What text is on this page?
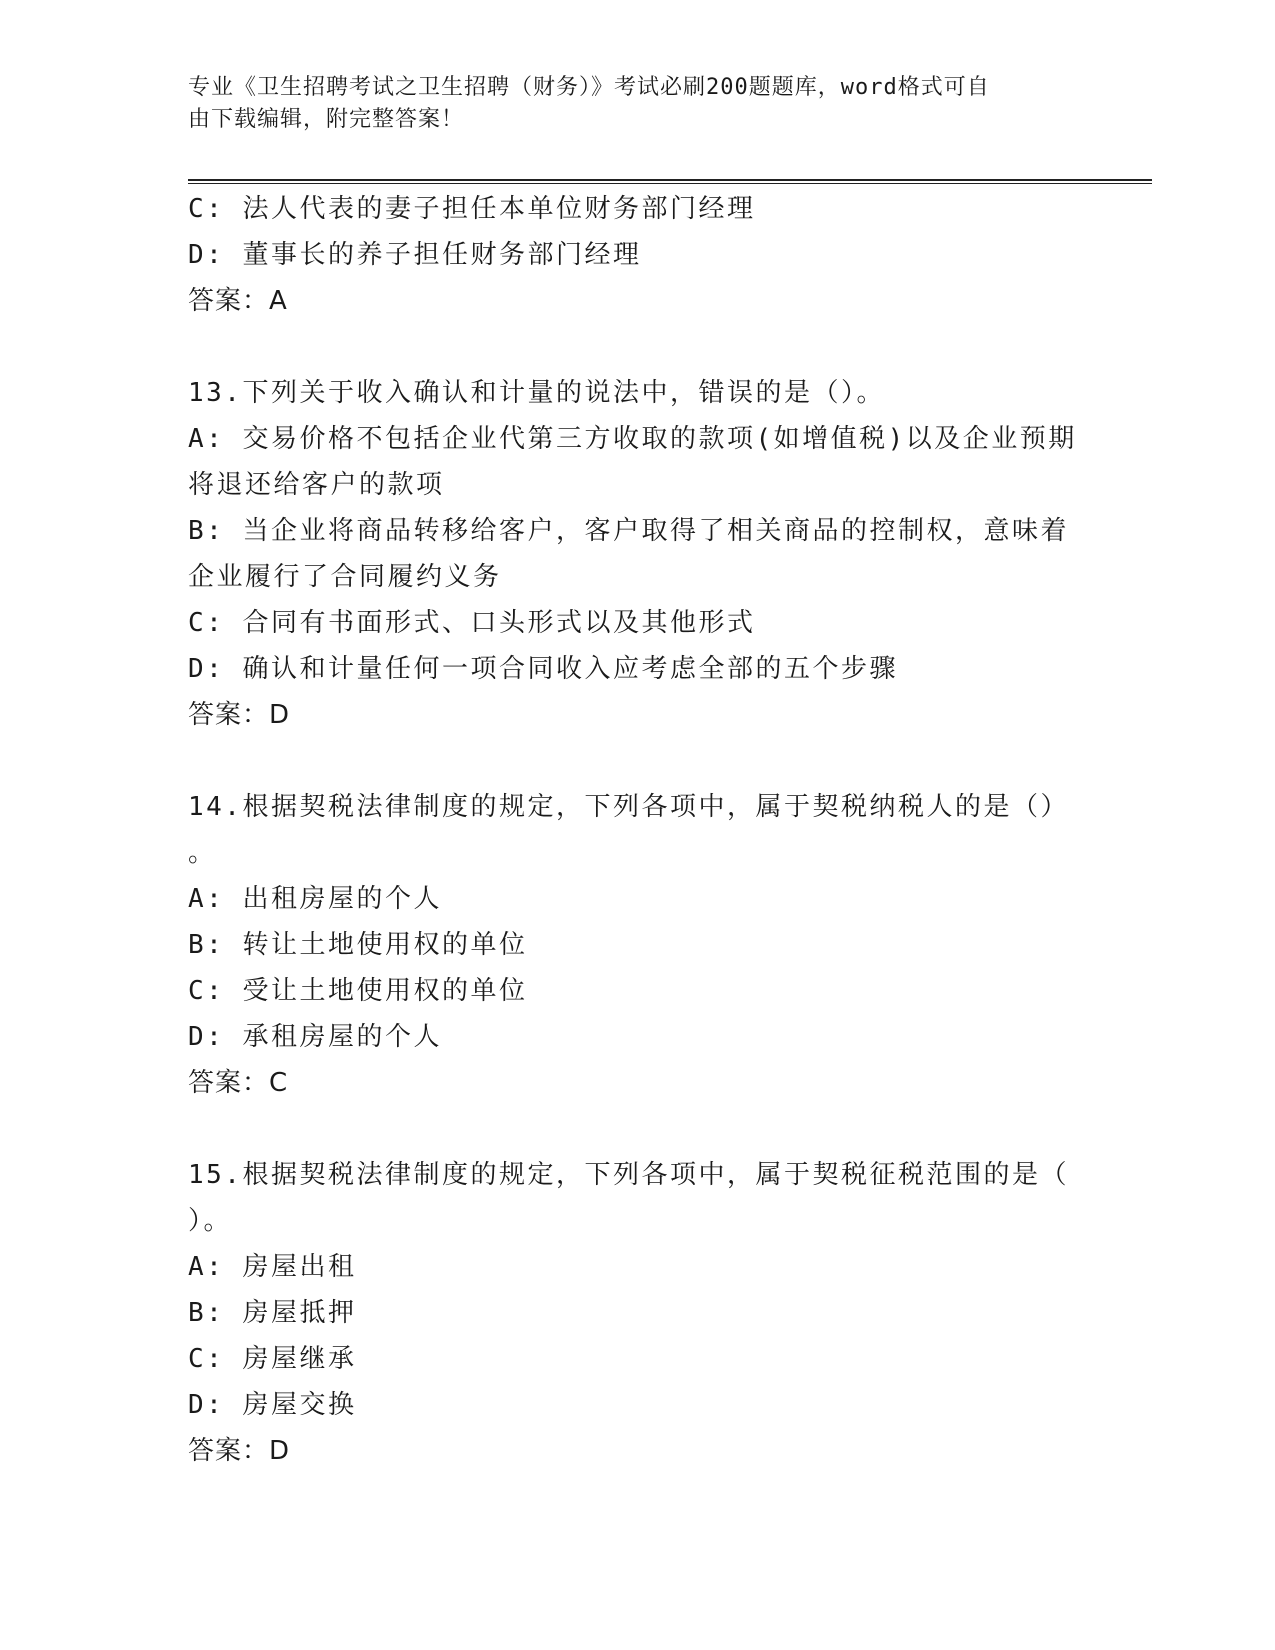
专业《卫生招聘考试之卫生招聘（财务）》考试必刷200题题库，word格式可自
由下载编辑，附完整答案！
C: 法人代表的妻子担任本单位财务部门经理
D: 董事长的养子担任财务部门经理
答案：A
13.下列关于收入确认和计量的说法中，错误的是（）。
A: 交易价格不包括企业代第三方收取的款项(如增值税)以及企业预期
将退还给客户的款项
B: 当企业将商品转移给客户，客户取得了相关商品的控制权，意味着
企业履行了合同履约义务
C: 合同有书面形式、口头形式以及其他形式
D: 确认和计量任何一项合同收入应考虑全部的五个步骤
答案：D
14.根据契税法律制度的规定，下列各项中，属于契税纳税人的是（）
。
A: 出租房屋的个人
B: 转让土地使用权的单位
C: 受让土地使用权的单位
D: 承租房屋的个人
答案：C
15.根据契税法律制度的规定，下列各项中，属于契税征税范围的是（
）。
A: 房屋出租
B: 房屋抵押
C: 房屋继承
D: 房屋交换
答案：D
